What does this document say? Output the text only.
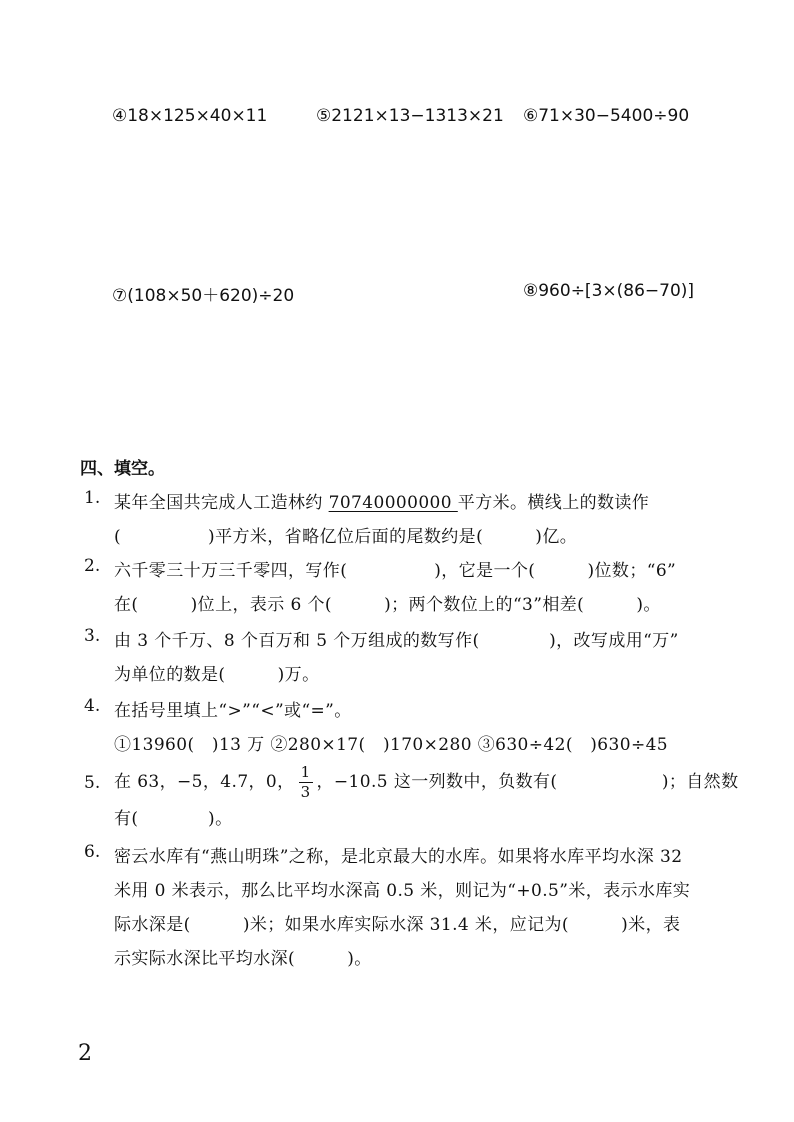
④18×125×40×11	⑤2121×13−1313×21 ⑥71×30−5400÷90
⑦(108×50＋620)÷20	⑧960÷[3×(86−70)]
四、填空。
1. 某年全国共完成人工造林约 70740000000 平方米。横线上的数读作
(　　　　　)平方米，省略亿位后面的尾数约是(　　　)亿。
2. 六千零三十万三千零四，写作(　　　　　)，它是一个(　　　)位数；“6”
在(　　　)位上，表示 6 个(　　　)；两个数位上的“3”相差(　　　)。
3. 由 3 个千万、8 个百万和 5 个万组成的数写作(　　　　)，改写成用“万”
为单位的数是(　　　)万。
4. 在括号里填上“>”“<”或“=”。
①13960(　)13 万 ②280×17(　)170×280 ③630÷42(　)630÷45
5. 在 63，−5，4.7，0， $\frac{1}{3}$ ，−10.5 这一列数中，负数有(　　　　　　)；自然数
有(　　　　)。
6. 密云水库有“燕山明珠”之称，是北京最大的水库。如果将水库平均水深 32
米用 0 米表示，那么比平均水深高 0.5 米，则记为“+0.5”米，表示水库实
际水深是(　　　)米；如果水库实际水深 31.4 米，应记为(　　　)米，表
示实际水深比平均水深(　　　)。
2
